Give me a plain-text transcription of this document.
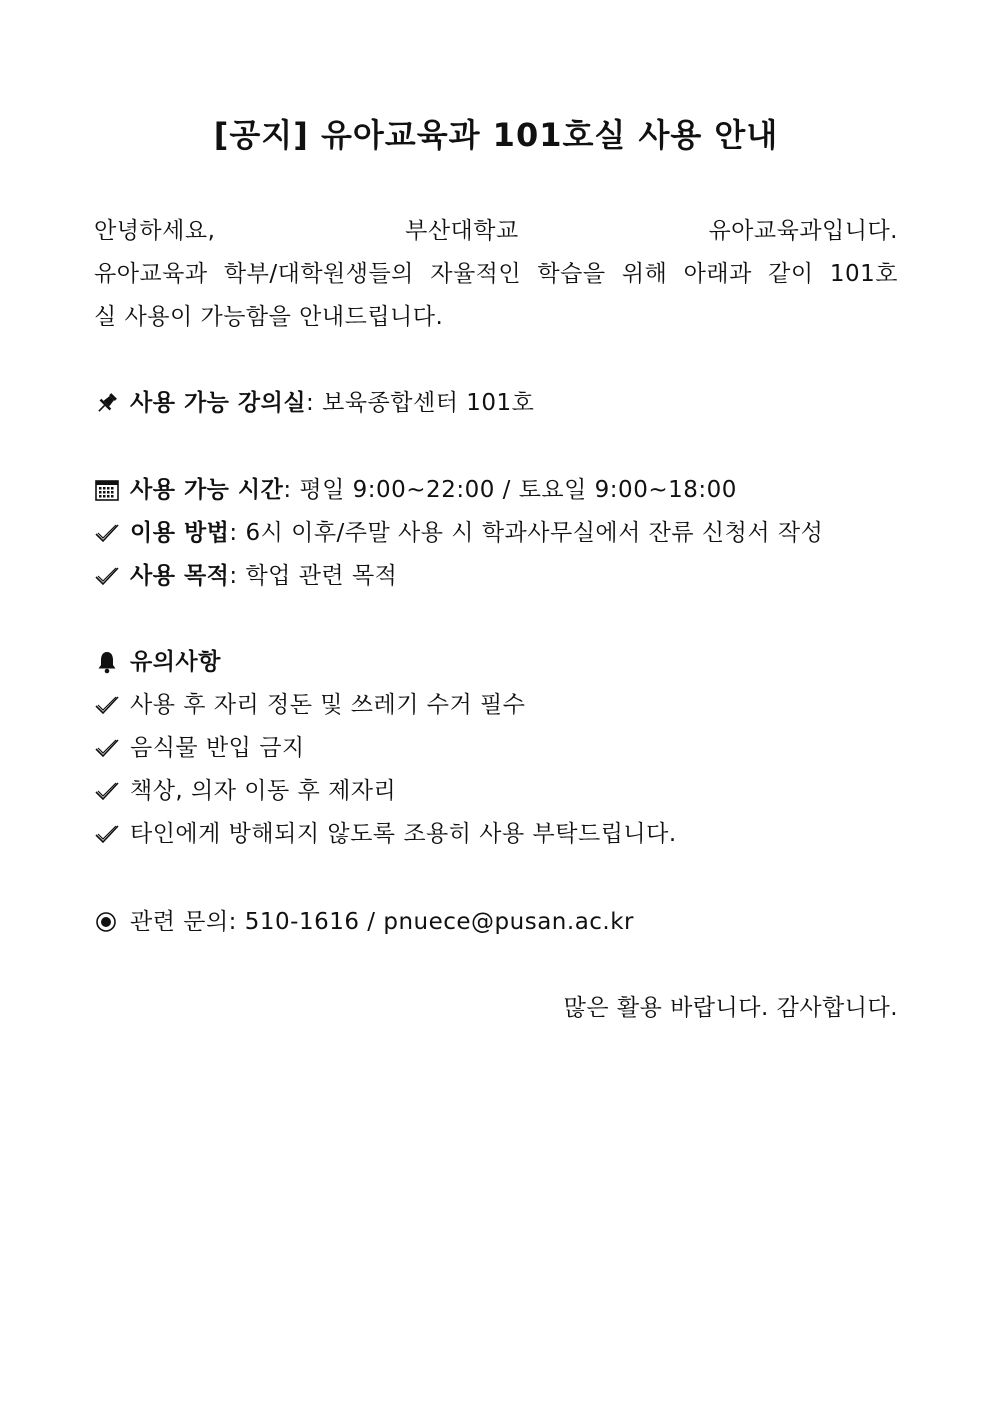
[공지] 유아교육과 101호실 사용 안내
안녕하세요, 부산대학교 유아교육과입니다.
유아교육과 학부/대학원생들의 자율적인 학습을 위해 아래과 같이 101호
실 사용이 가능함을 안내드립니다.
사용 가능 강의실 : 보육종합센터 101호
사용 가능 시간 : 평일 9:00~22:00 / 토요일 9:00~18:00
이용 방법 : 6시 이후/주말 사용 시 학과사무실에서 잔류 신청서 작성
사용 목적 : 학업 관련 목적
유의사항
사용 후 자리 정돈 및 쓰레기 수거 필수
음식물 반입 금지
책상, 의자 이동 후 제자리
타인에게 방해되지 않도록 조용히 사용 부탁드립니다.
관련 문의: 510-1616 / pnuece@pusan.ac.kr
많은 활용 바랍니다. 감사합니다.
